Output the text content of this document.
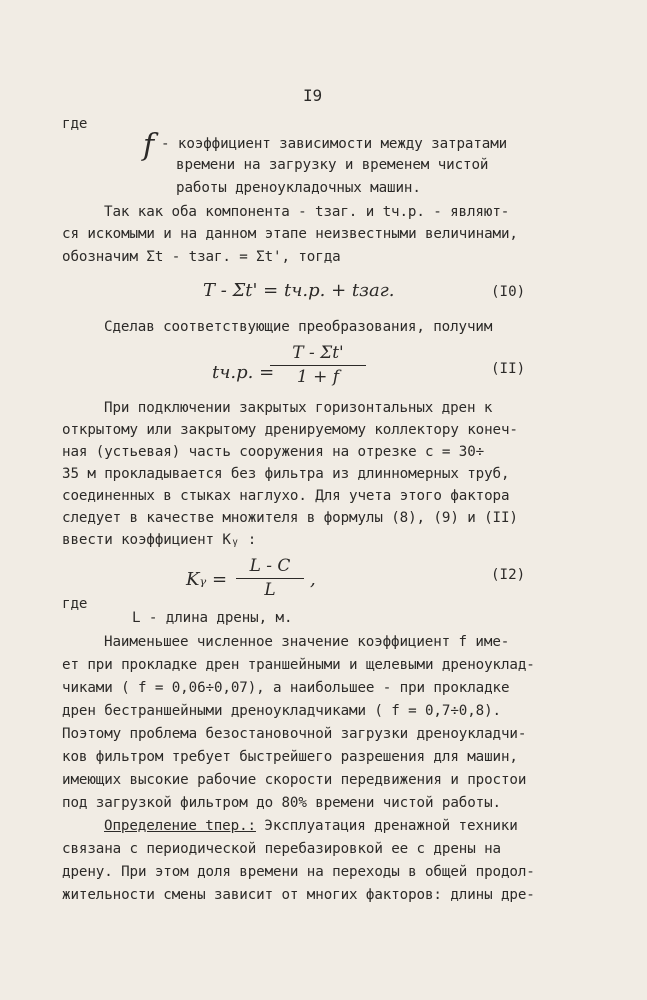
I9
где
f - коэффициент зависимости между затратами
времени на загрузку и временем чистой
работы дреноукладочных машин.
Так как оба компонента - tзаг. и tч.р. - являют-
ся искомыми и на данном этапе неизвестными величинами,
обозначим Σt - tзаг. = Σt', тогда
T - Σt' = tч.р. + tзаг.	(I0)
Сделав соответствующие преобразования, получим
tч.р. =
$\frac{T - \Sigma t'}{1 + f}$	(II)
При подключении закрытых горизонтальных дрен к
открытому или закрытому дренируемому коллектору конеч-
ная (устьевая) часть сооружения на отрезке c = 30÷
35 м прокладывается без фильтра из длинномерных труб,
соединенных в стыках наглухо. Для учета этого фактора
следует в качестве множителя в формулы (8), (9) и (II)
ввести коэффициент Kᵧ :
Kᵧ = $\frac{L - C}{L}$ ,	(I2)
где
L - длина дрены, м.
Наименьшее численное значение коэффициент f име-
ет при прокладке дрен траншейными и щелевыми дреноуклад-
чиками ( f = 0,06÷0,07), а наибольшее - при прокладке
дрен бестраншейными дреноукладчиками ( f = 0,7÷0,8).
Поэтому проблема безостановочной загрузки дреноукладчи-
ков фильтром требует быстрейшего разрешения для машин,
имеющих высокие рабочие скорости передвижения и простои
под загрузкой фильтром до 80% времени чистой работы.
Определение tпер.: Эксплуатация дренажной техники
связана с периодической перебазировкой ее с дрены на
дрену. При этом доля времени на переходы в общей продол-
жительности смены зависит от многих факторов: длины дре-
